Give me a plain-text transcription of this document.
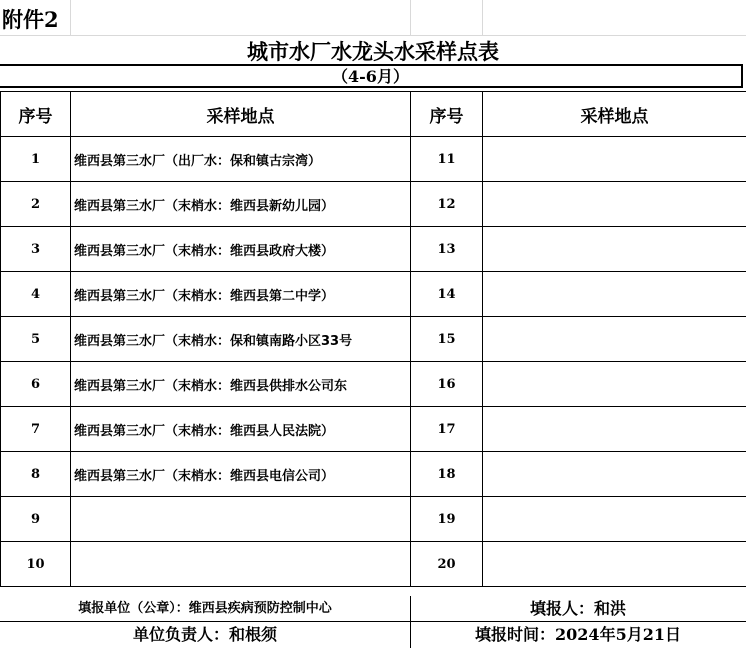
附件2
城市水厂水龙头水采样点表
（4-6月）
序号	采样地点	序号	采样地点
1	维西县第三水厂（出厂水：保和镇古宗湾）	11	
2	维西县第三水厂（末梢水：维西县新幼儿园）	12	
3	维西县第三水厂（末梢水：维西县政府大楼）	13	
4	维西县第三水厂（末梢水：维西县第二中学）	14	
5	维西县第三水厂（末梢水：保和镇南路小区33号	15	
6	维西县第三水厂（末梢水：维西县供排水公司东	16	
7	维西县第三水厂（末梢水：维西县人民法院）	17	
8	维西县第三水厂（末梢水：维西县电信公司）	18	
9		19	
10		20	
填报单位（公章）：维西县疾病预防控制中心	填报人：和洪
单位负责人：和根须	填报时间：2024年5月21日
